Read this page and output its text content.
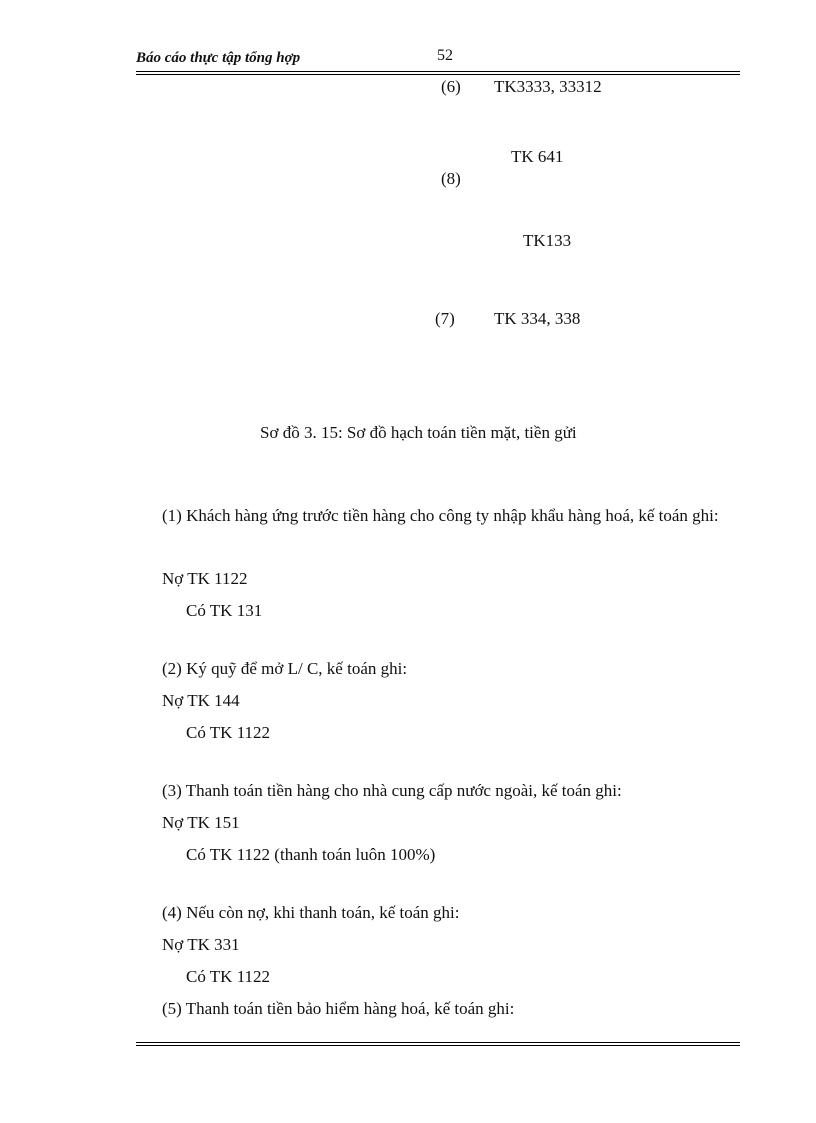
Báo cáo thực tập tổng hợp	52
(6) TK3333, 33312
TK 641
(8)
TK133
(7) TK 334, 338
Sơ đồ 3. 15: Sơ đồ hạch toán tiền mặt, tiền gửi
(1) Khách hàng ứng trước tiền hàng cho công ty nhập khẩu hàng hoá, kế toán ghi:
Nợ TK 1122
Có TK 131
(2) Ký quỹ để mở L/ C, kế toán ghi:
Nợ TK 144
Có TK 1122
(3) Thanh toán tiền hàng cho nhà cung cấp nước ngoài, kế toán ghi:
Nợ TK 151
Có TK 1122 (thanh toán luôn 100%)
(4) Nếu còn nợ, khi thanh toán, kế toán ghi:
Nợ TK 331
Có TK 1122
(5) Thanh toán tiền bảo hiểm hàng hoá, kế toán ghi:
